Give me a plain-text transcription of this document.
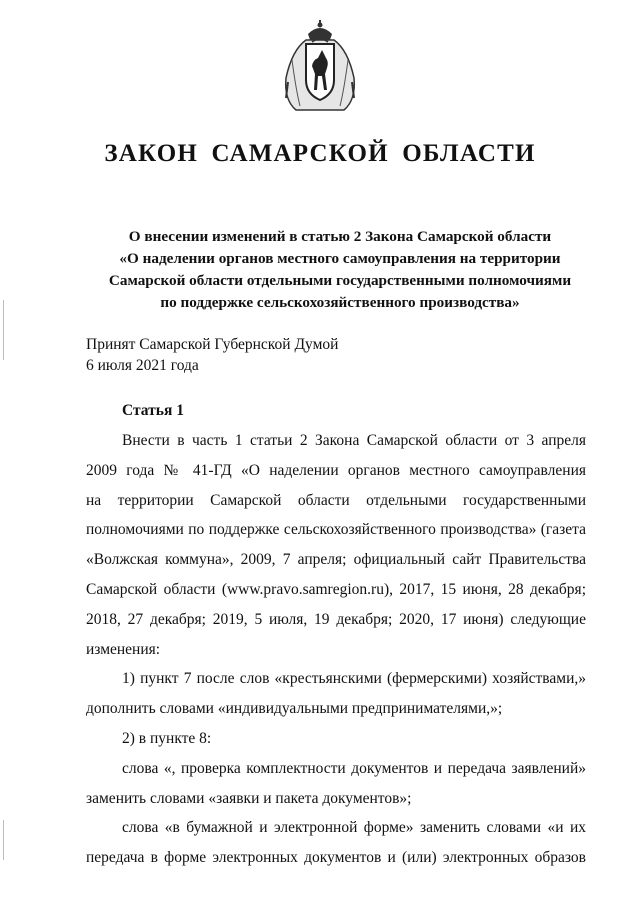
ЗАКОН САМАРСКОЙ ОБЛАСТИ
О внесении изменений в статью 2 Закона Самарской области
«О наделении органов местного самоуправления на территории
Самарской области отдельными государственными полномочиями
по поддержке сельскохозяйственного производства»
Принят Самарской Губернской Думой
6 июля 2021 года
Статья 1
Внести в часть 1 статьи 2 Закона Самарской области от 3 апреля
2009 года № 41-ГД «О наделении органов местного самоуправления
на территории Самарской области отдельными государственными
полномочиями по поддержке сельскохозяйственного производства» (газета
«Волжская коммуна», 2009, 7 апреля; официальный сайт Правительства
Самарской области (www.pravo.samregion.ru), 2017, 15 июня, 28 декабря;
2018, 27 декабря; 2019, 5 июля, 19 декабря; 2020, 17 июня) следующие
изменения:
1) пункт 7 после слов «крестьянскими (фермерскими) хозяйствами,»
дополнить словами «индивидуальными предпринимателями,»;
2) в пункте 8:
слова «, проверка комплектности документов и передача заявлений»
заменить словами «заявки и пакета документов»;
слова «в бумажной и электронной форме» заменить словами «и их
передача в форме электронных документов и (или) электронных образов
